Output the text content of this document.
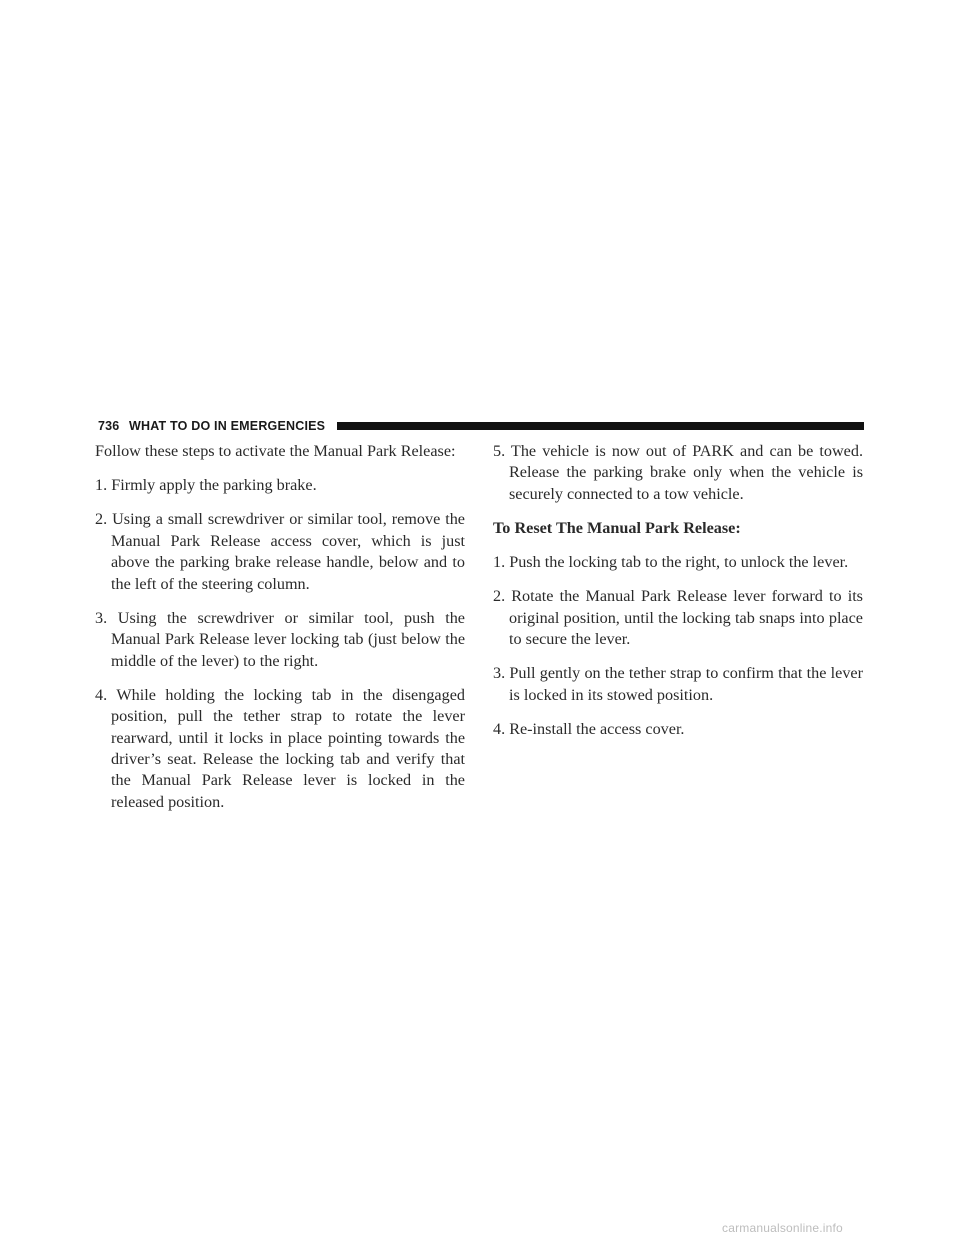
736 WHAT TO DO IN EMERGENCIES

Follow these steps to activate the Manual Park Release:

1. Firmly apply the parking brake.

2. Using a small screwdriver or similar tool, remove the Manual Park Release access cover, which is just above the parking brake release handle, below and to the left of the steering column.

3. Using the screwdriver or similar tool, push the Manual Park Release lever locking tab (just below the middle of the lever) to the right.

4. While holding the locking tab in the disengaged position, pull the tether strap to rotate the lever rearward, until it locks in place pointing towards the driver’s seat. Release the locking tab and verify that the Manual Park Release lever is locked in the released position.

5. The vehicle is now out of PARK and can be towed. Release the parking brake only when the vehicle is securely connected to a tow vehicle.

To Reset The Manual Park Release:

1. Push the locking tab to the right, to unlock the lever.

2. Rotate the Manual Park Release lever forward to its original position, until the locking tab snaps into place to secure the lever.

3. Pull gently on the tether strap to confirm that the lever is locked in its stowed position.

4. Re-install the access cover.

carmanualsonline.info
